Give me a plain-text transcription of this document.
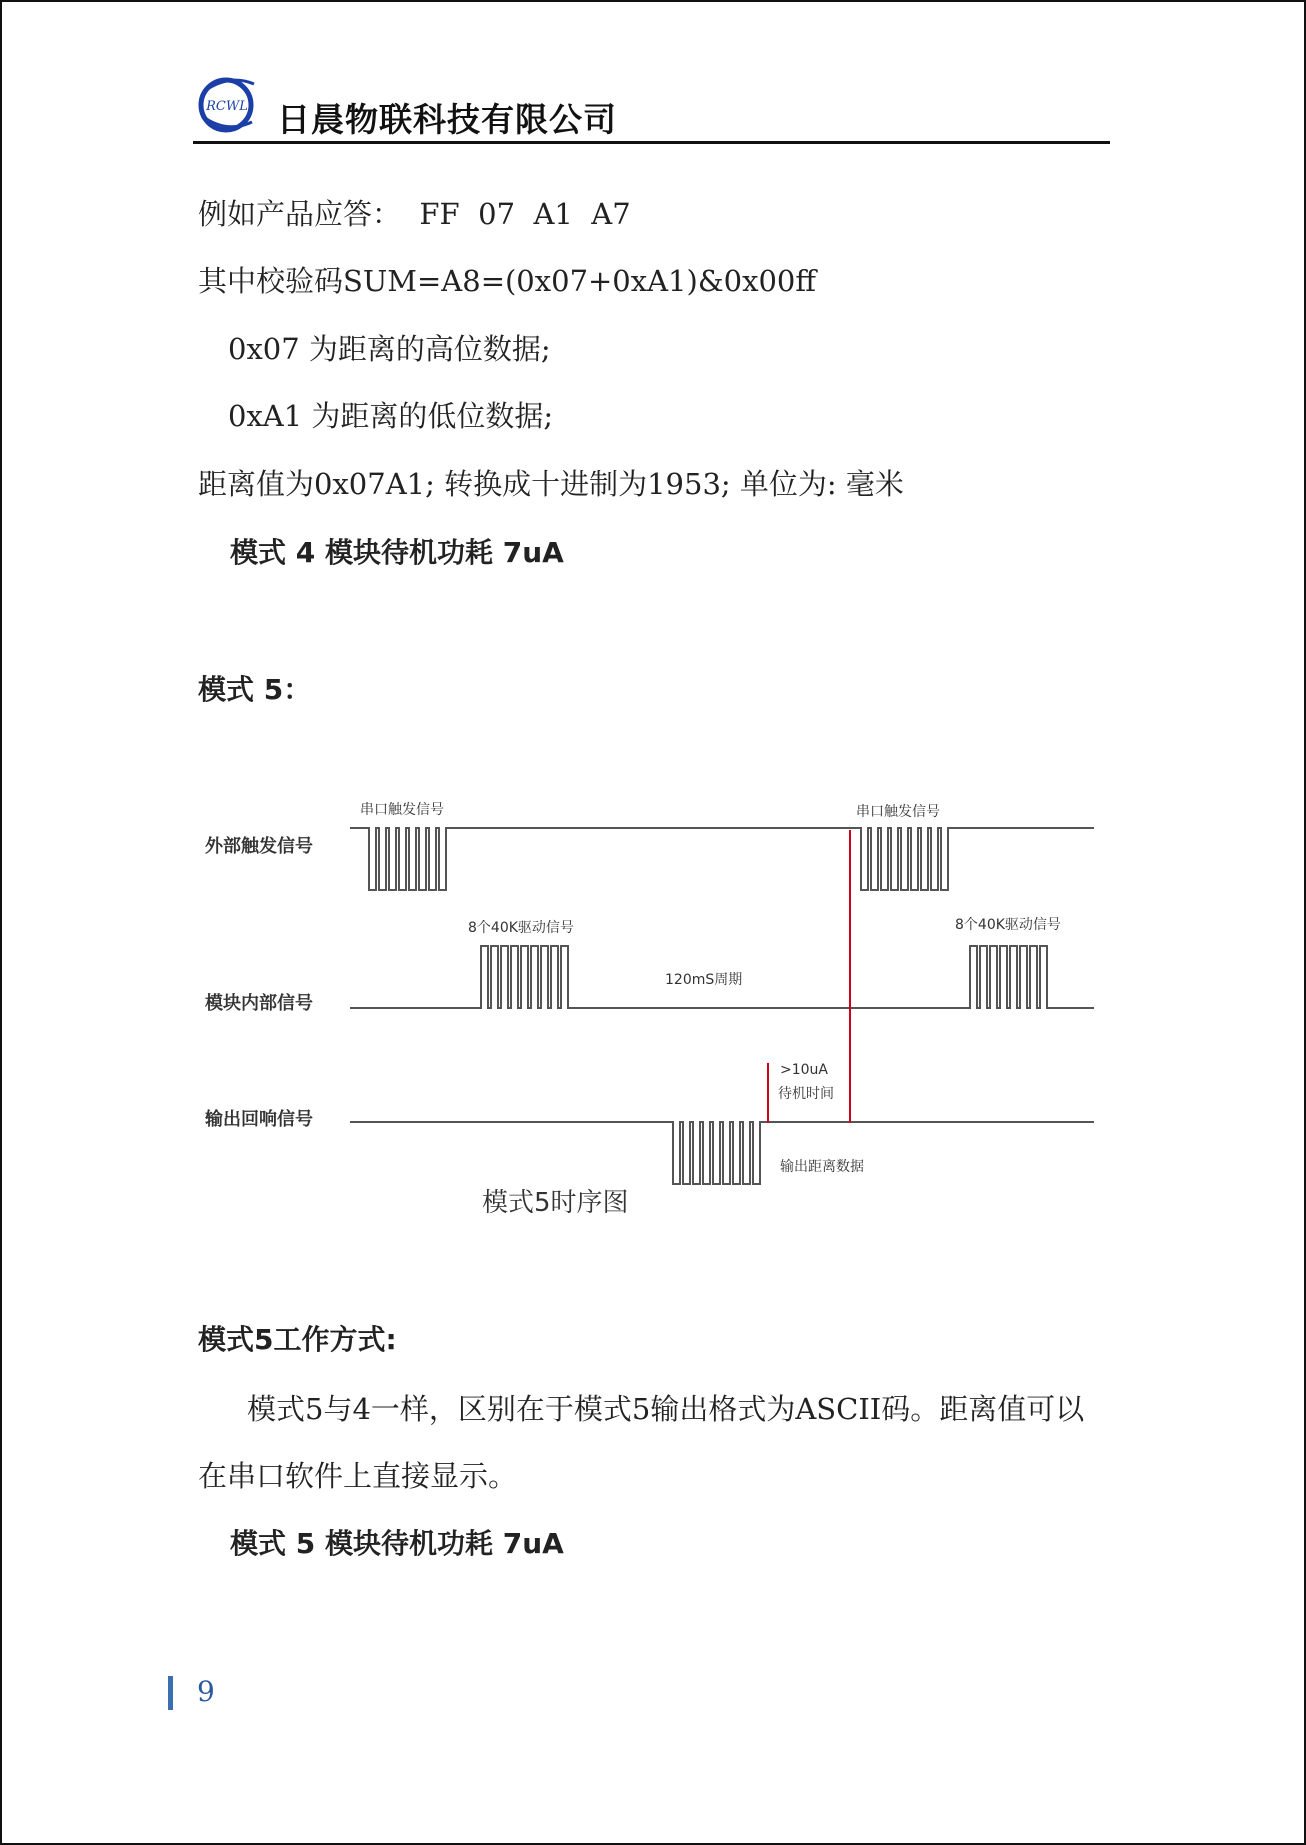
RCWL 日晨物联科技有限公司
例如产品应答：  FF  07  A1  A7
其中校验码SUM=A8=(0x07+0xA1)&0x00ff
0x07 为距离的高位数据;
0xA1 为距离的低位数据;
距离值为0x07A1; 转换成十进制为1953; 单位为: 毫米
模式 4 模块待机功耗 7uA
模式 5：
外部触发信号
模块内部信号
输出回响信号
串口触发信号	串口触发信号
8个40K驱动信号	8个40K驱动信号
120mS周期
>10uA
待机时间
输出距离数据
模式5时序图
模式5工作方式:
模式5与4一样，区别在于模式5输出格式为ASCII码。距离值可以
在串口软件上直接显示。
模式 5 模块待机功耗 7uA
9
